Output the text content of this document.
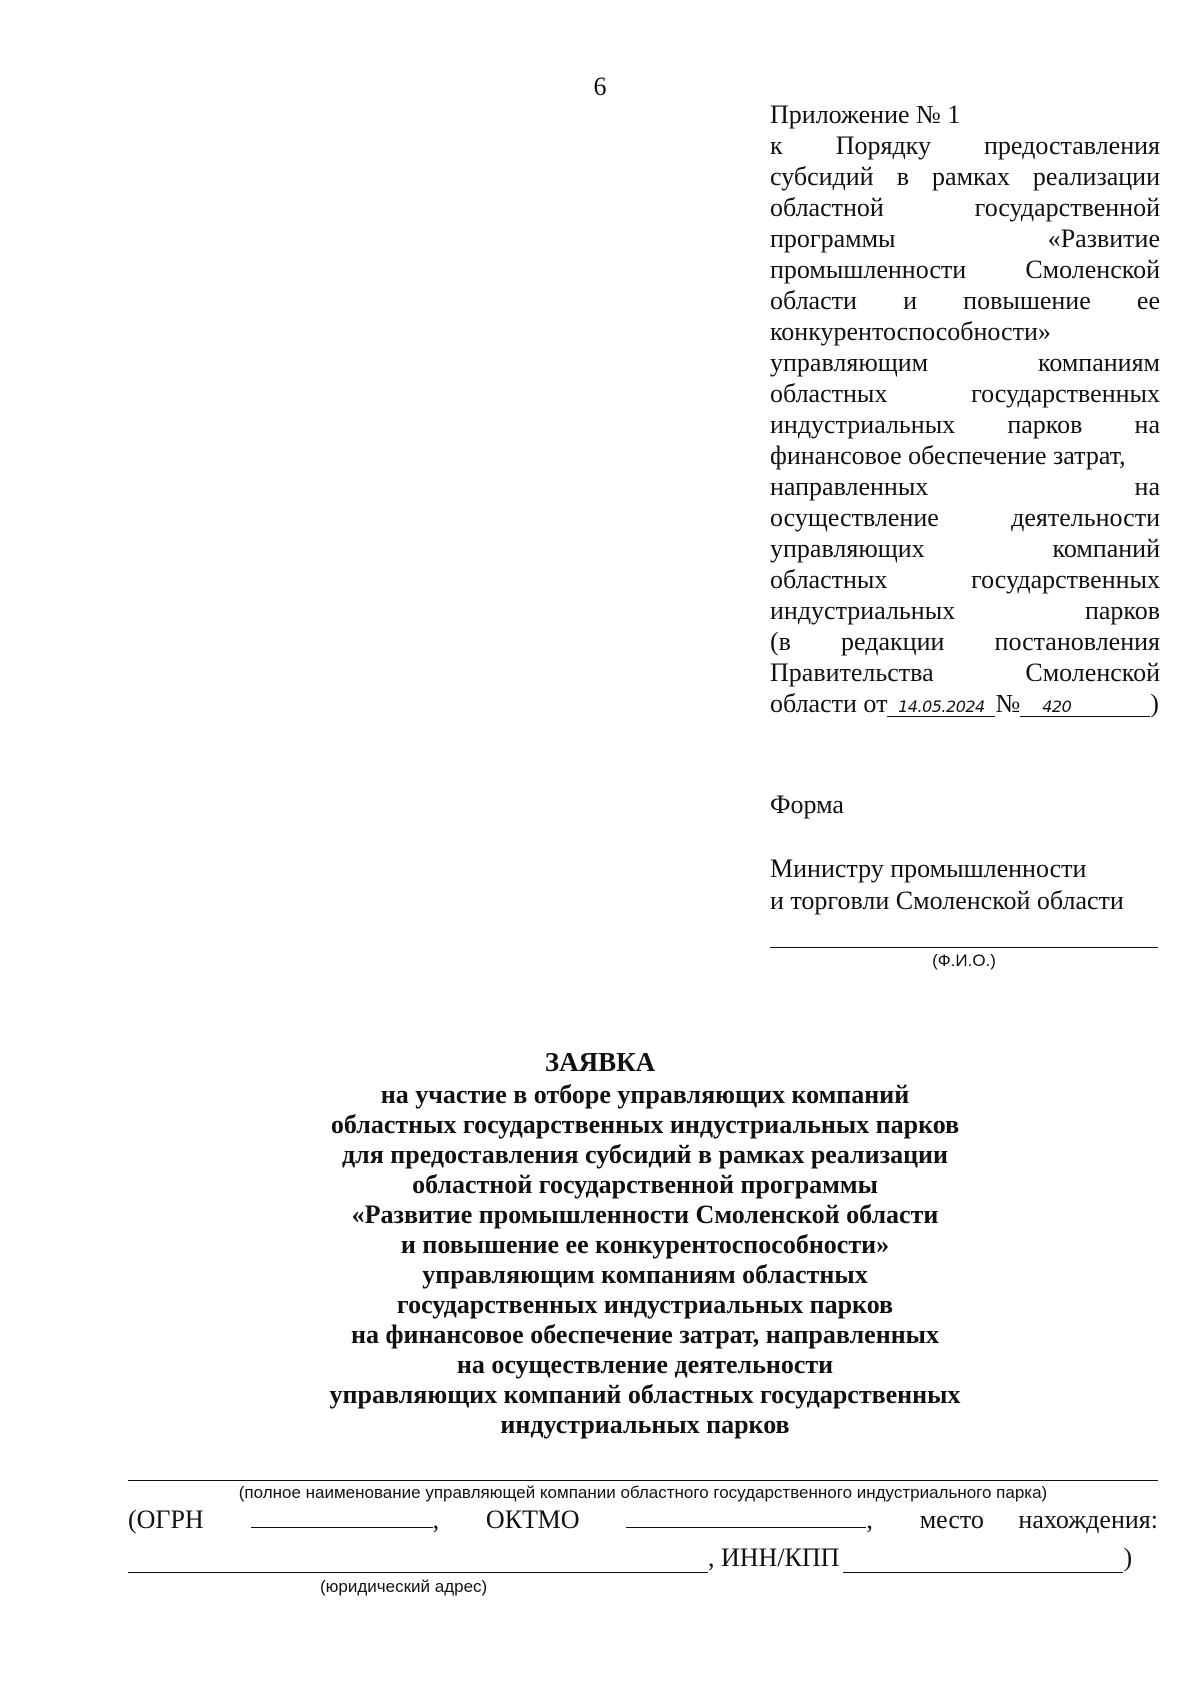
6
Приложение № 1
к Порядку предоставления
субсидий в рамках реализации
областной государственной
программы «Развитие
промышленности Смоленской
области и повышение ее
конкурентоспособности»
управляющим компаниям
областных государственных
индустриальных парков на
финансовое обеспечение затрат,
направленных на
осуществление деятельности
управляющих компаний
областных государственных
индустриальных парков
(в редакции постановления
Правительства Смоленской
области от 14.05.2024 № 420	)
Форма
Министру промышленности
и торговли Смоленской области
(Ф.И.О.)
ЗАЯВКА
на участие в отборе управляющих компаний
областных государственных индустриальных парков
для предоставления субсидий в рамках реализации
областной государственной программы
«Развитие промышленности Смоленской области
и повышение ее конкурентоспособности»
управляющим компаниям областных
государственных индустриальных парков
на финансовое обеспечение затрат, направленных
на осуществление деятельности
управляющих компаний областных государственных
индустриальных парков
(полное наименование управляющей компании областного государственного индустриального парка)
(ОГРН	, ОКТМО	, место нахождения:
, ИНН/КПП	)
(юридический адрес)
